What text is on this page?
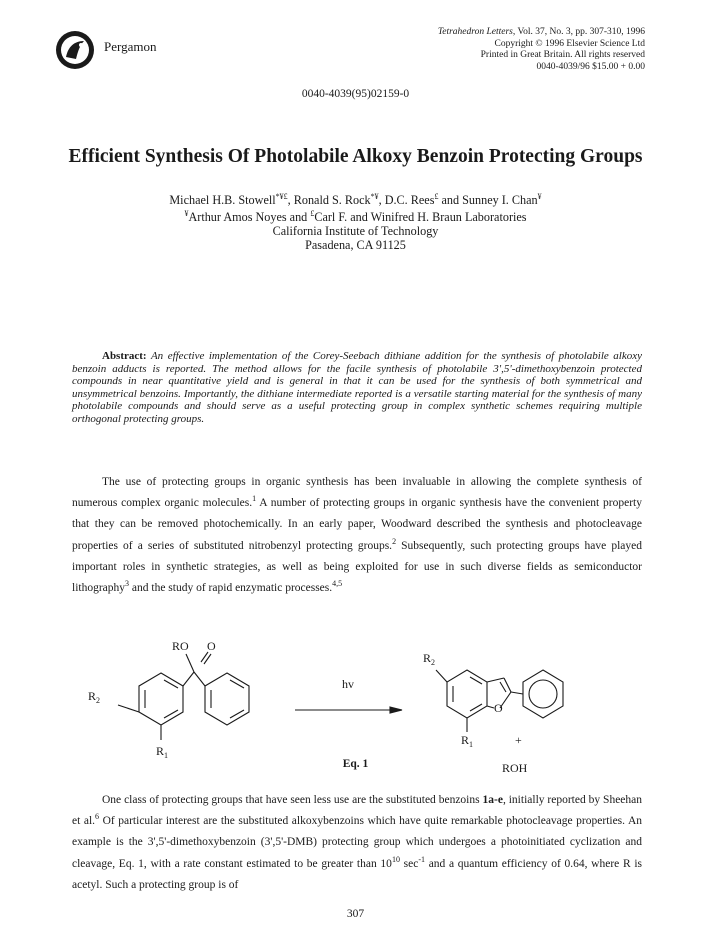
Pergamon
Tetrahedron Letters, Vol. 37, No. 3, pp. 307-310, 1996
Copyright © 1996 Elsevier Science Ltd
Printed in Great Britain. All rights reserved
0040-4039/96 $15.00 + 0.00
0040-4039(95)02159-0
Efficient Synthesis Of Photolabile Alkoxy Benzoin Protecting Groups
Michael H.B. Stowell*¥£, Ronald S. Rock*¥, D.C. Rees£ and Sunney I. Chan¥
¥Arthur Amos Noyes and £Carl F. and Winifred H. Braun Laboratories
California Institute of Technology
Pasadena, CA 91125
Abstract: An effective implementation of the Corey-Seebach dithiane addition for the synthesis of photolabile alkoxy benzoin adducts is reported. The method allows for the facile synthesis of photolabile 3',5'-dimethoxybenzoin protected compounds in near quantitative yield and is general in that it can be used for the synthesis of both symmetrical and unsymmetrical benzoins. Importantly, the dithiane intermediate reported is a versatile starting material for the synthesis of many photolabile compounds and should serve as a useful protecting group in complex synthetic schemes requiring multiple orthogonal protecting groups.

The use of protecting groups in organic synthesis has been invaluable in allowing the complete synthesis of numerous complex organic molecules.$^1$ A number of protecting groups in organic synthesis have the convenient property that they can be removed photochemically. In an early paper, Woodward described the synthesis and photocleavage properties of a series of substituted nitrobenzyl protecting groups.$^2$ Subsequently, such protecting groups have played important roles in synthetic strategies, as well as being exploited for use in such diverse fields as semiconductor lithography$^3$ and the study of rapid enzymatic processes.$^{4,5}$

RO O
$R_2$
$R_1$
hv
O
$R_2$
$R_1$	+
ROH
Eq. 1

One class of protecting groups that have seen less use are the substituted benzoins 1a-e, initially reported by Sheehan et al.$^6$ Of particular interest are the substituted alkoxybenzoins which have quite remarkable photocleavage properties. An example is the 3',5'-dimethoxybenzoin (3',5'-DMB) protecting group which undergoes a photoinitiated cyclization and cleavage, Eq. 1, with a rate constant estimated to be greater than $10^{10}$ $\sec^{-1}$ and a quantum efficiency of 0.64, where R is acetyl. Such a protecting group is of

307
